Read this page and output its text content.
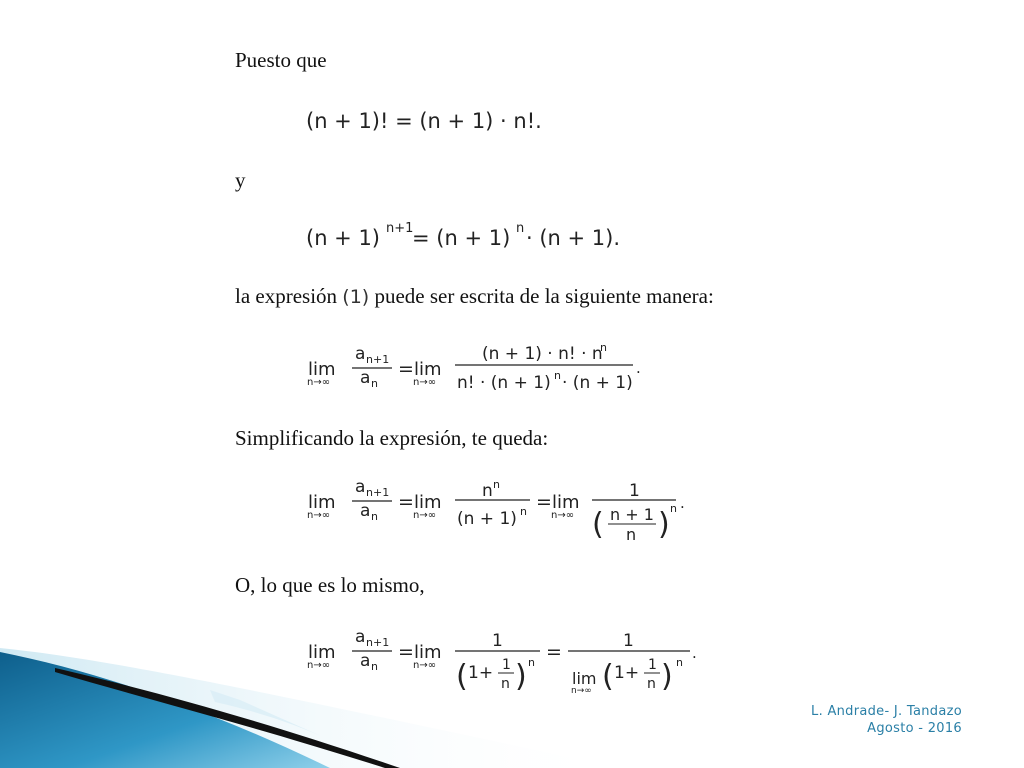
Puesto que
y
la expresión (1) puede ser escrita de la siguiente manera:
Simplificando la expresión, te queda:
O, lo que es lo mismo,
(n + 1)! = (n + 1) · n!.
(n + 1) n+1
= (n + 1) n · (n + 1).
lim
n→∞
a n+1
a n
= lim
n→∞
(n + 1) · n! · n
n
n! · (n + 1) n · (n + 1)
.
lim
n→∞
a n+1
a n
= lim
n→∞
n n
(n + 1) n = lim
n→∞
1
( n + 1
n ) n .
lim
n→∞
a n+1
a n
= lim
n→∞
1
( 1+ 1
n ) n =	1
lim
n→∞ ( 1+ 1
n ) n
.
L. Andrade- J. Tandazo
Agosto - 2016
